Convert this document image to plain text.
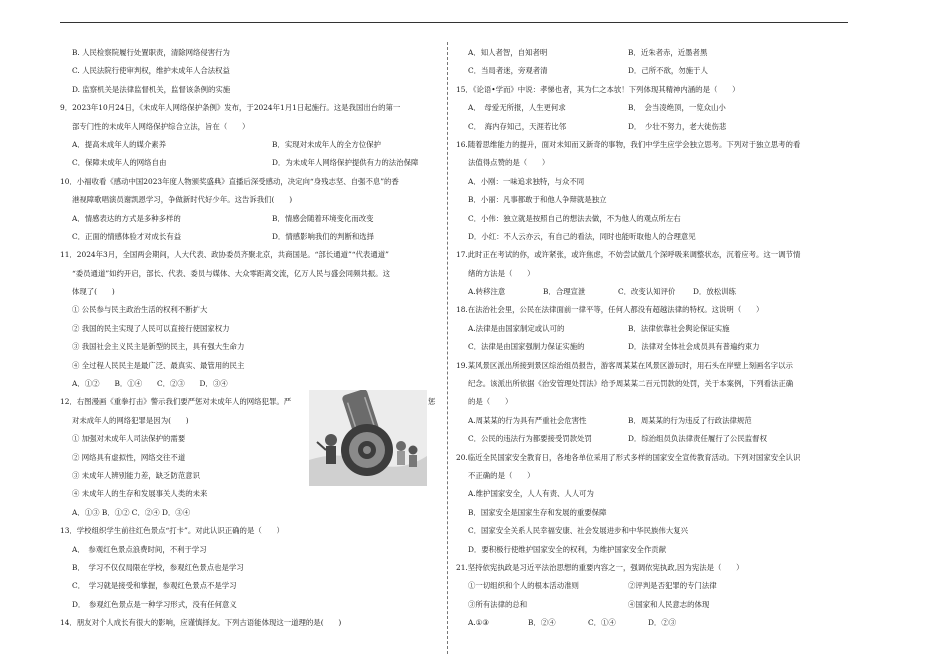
B. 人民检察院履行处置职责，清除网络侵害行为
C. 人民法院行使审判权，维护未成年人合法权益
D. 监察机关是法律监督机关，监督该条例的实施
9．2023年10月24日，《未成年人网络保护条例》发布，于2024年1月1日起施行。这是我国出台的第一
部专门性的未成年人网络保护综合立法，旨在（　　）
A．提高未成年人的媒介素养	B．实现对未成年人的全方位保护
C．保障未成年人的网络自由	D．为未成年人网络保护提供有力的法治保障
10．小福收看《感动中国2023年度人物颁奖盛典》直播后深受感动，决定向“身残志坚、自强不息”的香
港视障歌唱演员谢凯恩学习，争做新时代好少年。这告诉我们(　　)
A．情感表达的方式是多种多样的	B．情感会随着环境变化而改变
C．正面的情感体验才对成长有益	D．情感影响我们的判断和选择
11．2024年3月，全国两会期间，人大代表、政协委员齐聚北京，共商国是。“部长通道”“代表通道”
“委员通道”如约开启，部长、代表、委员与媒体、大众零距离交流，亿万人民与盛会同频共振。这
体现了(　　)
① 公民参与民主政治生活的权利不断扩大
② 我国的民主实现了人民可以直接行使国家权力
③ 我国社会主义民主是新型的民主，具有强大生命力
④ 全过程人民民主是最广泛、最真实、最管用的民主
A．①②	B．①④	C．②③	D．③④
12．右图漫画《重拳打击》警示我们要严惩对未成年人的网络犯罪。严	惩
对未成年人的网络犯罪是因为(　　)
① 加强对未成年人司法保护的需要
② 网络具有虚拟性，网络交往不道
③ 未成年人辨别能力差，缺乏防范意识
④ 未成年人的生存和发展事关人类的未来
A．①③ B．①② C．②④ D．③④
13．学校组织学生前往红色景点“打卡”。对此认识正确的是（　　）
A．　参观红色景点浪费时间，不利于学习
B．　学习不仅仅局限在学校，参观红色景点也是学习
C．　学习就是接受和掌握，参观红色景点不是学习
D．　参观红色景点是一种学习形式，没有任何意义
14．朋友对个人成长有很大的影响，应谨慎择友。下列古语能体现这一道理的是(　　)
A．知人者智，自知者明	B．近朱者赤，近墨者黑
C．当局者迷，旁观者清	D．己所不欲，勿施于人
15．《论语•学而》中说：孝悌也者，其为仁之本欤！下列体现其精神内涵的是（　　）
A．　母爱无所报，人生更何求	B．　会当凌绝顶，一览众山小
C．　海内存知己，天涯若比邻	D．　少壮不努力，老大徒伤悲
16.随着思维能力的提升，面对未知而又新奇的事物，我们中学生应学会独立思考。下列对于独立思考的看
法值得点赞的是（　　）
A．小刚：一味追求独特，与众不同
B．小丽：凡事都敢于和他人争辩就是独立
C．小伟：独立就是按照自己的想法去做，不为他人的观点所左右
D．小红：不人云亦云，有自己的看法，同时也能听取他人的合理意见
17.此时正在考试的你，或许紧张，或许焦虑，不妨尝试做几个深呼吸来调整状态，沉着应考。这一调节情
绪的方法是（　　）
A.转移注意	B．合理宣泄	C．改变认知评价	D．放松训练
18.在法治社会里，公民在法律面前一律平等，任何人都没有超越法律的特权。这说明（　　）
A.法律是由国家制定或认可的	B．法律依靠社会舆论保证实施
C．法律是由国家强制力保证实施的	D．法律对全体社会成员具有普遍约束力
19.某风景区派出所接到景区综治组员报告，游客周某某在风景区游玩时，用石头在岸壁上刻画名字以示
纪念。该派出所依据《治安管理处罚法》给予周某某二百元罚款的处罚，关于本案例，下列看法正确
的是（　　）
A.周某某的行为具有严重社会危害性	B．周某某的行为违反了行政法律规范
C．公民的违法行为都要接受罚款处罚	D．综治组员负法律责任履行了公民监督权
20.临近全民国家安全教育日，各地各单位采用了形式多样的国家安全宣传教育活动。下列对国家安全认识
不正确的是（　　）
A.维护国家安全，人人有责、人人可为
B．国家安全是国家生存和发展的重要保障
C．国家安全关系人民幸福安康、社会发展进步和中华民族伟大复兴
D．要积极行使维护国家安全的权利，为维护国家安全作贡献
21.坚持依宪执政是习近平法治思想的重要内容之一，强调依宪执政,因为宪法是（　　）
①一切组织和个人的根本活动准则	②评判是否犯罪的专门法律
③所有法律的总和	④国家和人民意志的体现
A.①③	B．②④	C．①④	D．②③
